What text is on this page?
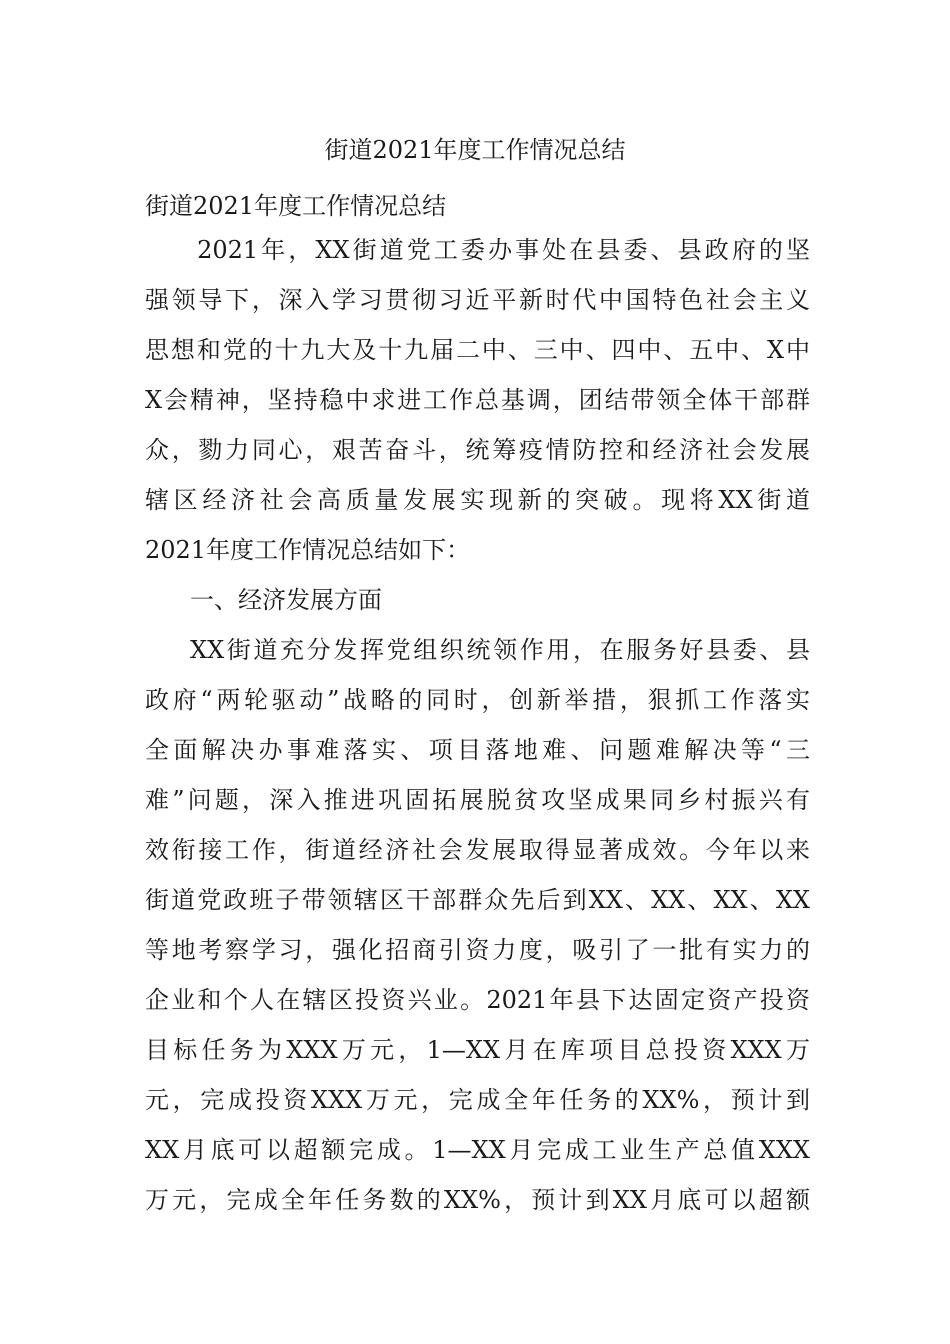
街道2021年度工作情况总结

街道2021年度工作情况总结

　2021年，XX街道党工委办事处在县委、县政府的坚

强领导下，深入学习贯彻习近平新时代中国特色社会主义

思想和党的十九大及十九届二中、三中、四中、五中、X中

X会精神，坚持稳中求进工作总基调，团结带领全体干部群

众，勠力同心，艰苦奋斗，统筹疫情防控和经济社会发展

辖区经济社会高质量发展实现新的突破。现将XX街道

2021年度工作情况总结如下：

一、经济发展方面

XX街道充分发挥党组织统领作用，在服务好县委、县

政府“两轮驱动”战略的同时，创新举措，狠抓工作落实

全面解决办事难落实、项目落地难、问题难解决等“三

难”问题，深入推进巩固拓展脱贫攻坚成果同乡村振兴有

效衔接工作，街道经济社会发展取得显著成效。今年以来

街道党政班子带领辖区干部群众先后到XX、XX、XX、XX

等地考察学习，强化招商引资力度，吸引了一批有实力的

企业和个人在辖区投资兴业。2021年县下达固定资产投资

目标任务为XXX万元，1—XX月在库项目总投资XXX万

元，完成投资XXX万元，完成全年任务的XX%，预计到

XX月底可以超额完成。1—XX月完成工业生产总值XXX

万元，完成全年任务数的XX%，预计到XX月底可以超额
